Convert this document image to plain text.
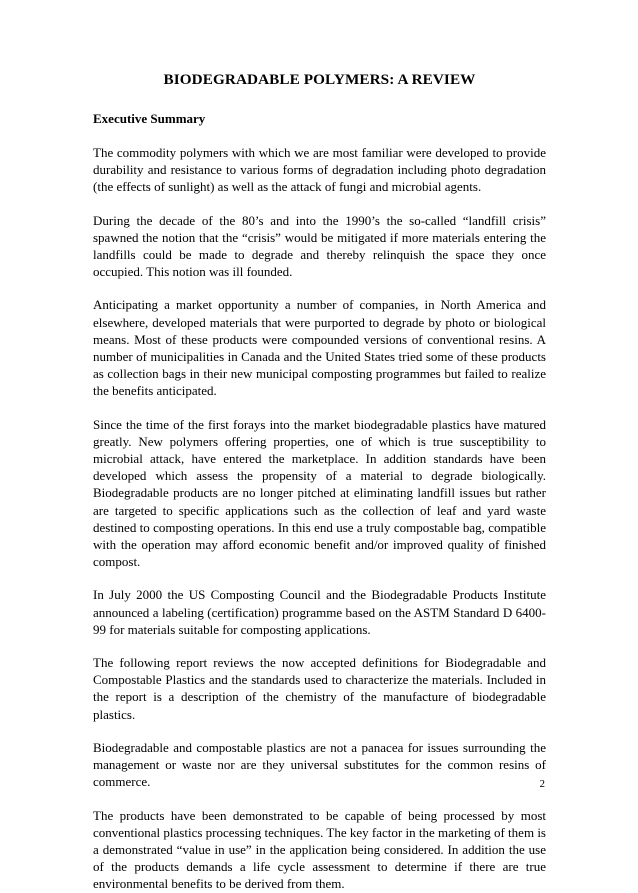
BIODEGRADABLE POLYMERS: A REVIEW
Executive Summary

The commodity polymers with which we are most familiar were developed to provide durability and resistance to various forms of degradation including photo degradation (the effects of sunlight) as well as the attack of fungi and microbial agents.

During the decade of the 80’s and into the 1990’s the so-called “landfill crisis” spawned the notion that the “crisis” would be mitigated if more materials entering the landfills could be made to degrade and thereby relinquish the space they once occupied. This notion was ill founded.

Anticipating a market opportunity a number of companies, in North America and elsewhere, developed materials that were purported to degrade by photo or biological means. Most of these products were compounded versions of conventional resins. A number of municipalities in Canada and the United States tried some of these products as collection bags in their new municipal composting programmes but failed to realize the benefits anticipated.

Since the time of the first forays into the market biodegradable plastics have matured greatly. New polymers offering properties, one of which is true susceptibility to microbial attack, have entered the marketplace. In addition standards have been developed which assess the propensity of a material to degrade biologically. Biodegradable products are no longer pitched at eliminating landfill issues but rather are targeted to specific applications such as the collection of leaf and yard waste destined to composting operations. In this end use a truly compostable bag, compatible with the operation may afford economic benefit and/or improved quality of finished compost.

In July 2000 the US Composting Council and the Biodegradable Products Institute announced a labeling (certification) programme based on the ASTM Standard D 6400-99 for materials suitable for composting applications.

The following report reviews the now accepted definitions for Biodegradable and Compostable Plastics and the standards used to characterize the materials. Included in the report is a description of the chemistry of the manufacture of biodegradable plastics.

Biodegradable and compostable plastics are not a panacea for issues surrounding the management or waste nor are they universal substitutes for the common resins of commerce.

The products have been demonstrated to be capable of being processed by most conventional plastics processing techniques. The key factor in the marketing of them is a demonstrated “value in use” in the application being considered. In addition the use of the products demands a life cycle assessment to determine if there are true environmental benefits to be derived from them.

2
